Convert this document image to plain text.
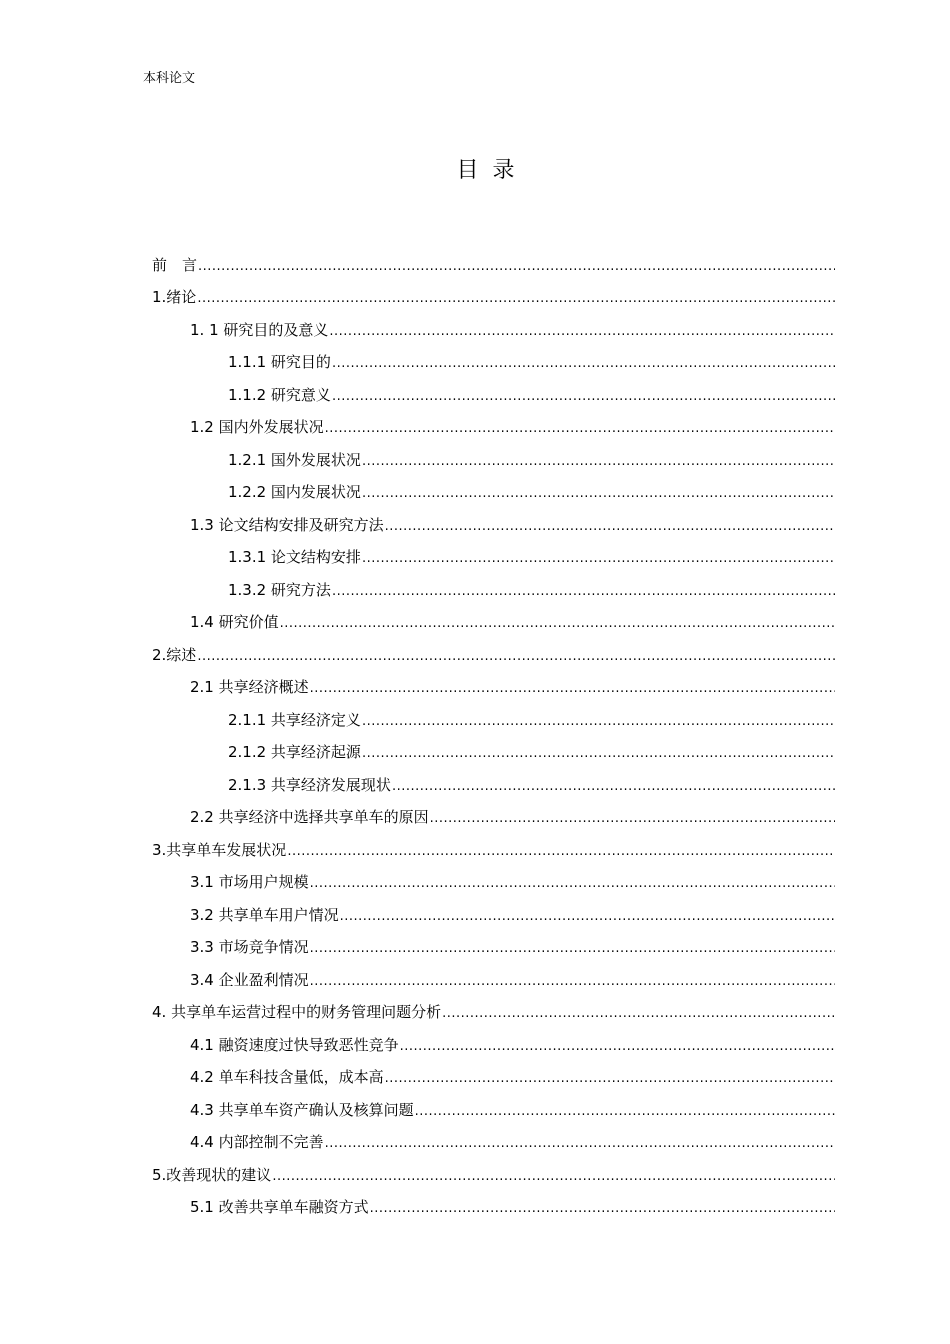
本科论文
目录
前　言
.....
1.绪论
.....
1. 1 研究目的及意义
.....
1.1.1 研究目的
.....
1.1.2 研究意义
.....
1.2 国内外发展状况
.....
1.2.1 国外发展状况
.....
1.2.2 国内发展状况
.....
1.3 论文结构安排及研究方法
.....
1.3.1 论文结构安排
.....
1.3.2 研究方法
.....
1.4 研究价值
.....
2.综述
.....
2.1 共享经济概述
.....
2.1.1 共享经济定义
.....
2.1.2 共享经济起源
.....
2.1.3 共享经济发展现状
.....
2.2 共享经济中选择共享单车的原因
.....
3.共享单车发展状况
.....
3.1 市场用户规模
.....
3.2 共享单车用户情况
.....
3.3 市场竞争情况
.....
3.4 企业盈利情况
.....
4. 共享单车运营过程中的财务管理问题分析
.....
4.1 融资速度过快导致恶性竞争
.....
4.2 单车科技含量低，成本高
.....
4.3 共享单车资产确认及核算问题
.....
4.4 内部控制不完善
.....
5.改善现状的建议
.....
5.1 改善共享单车融资方式
.....
